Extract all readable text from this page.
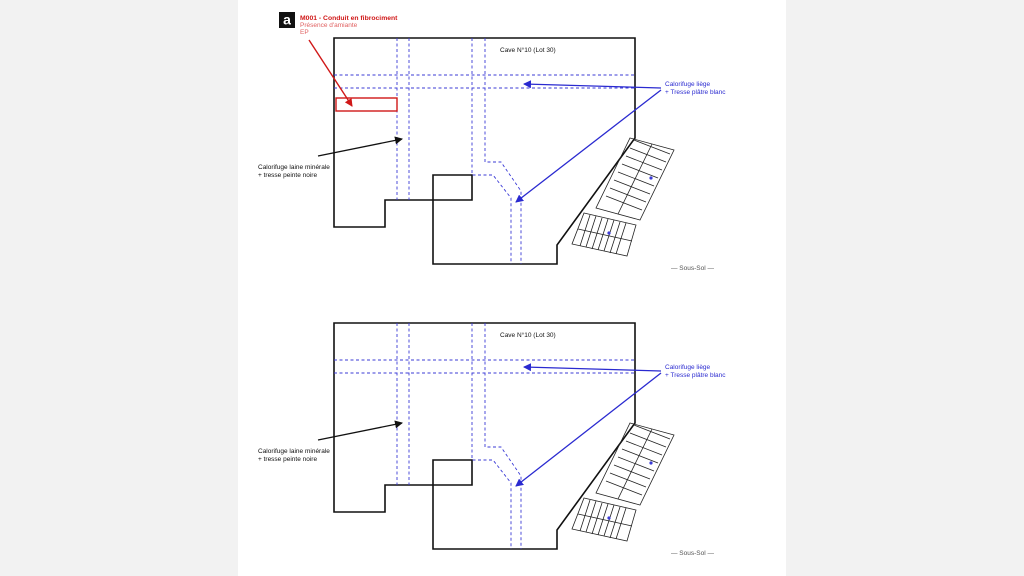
a M001 - Conduit en fibrociment
Présence d'amiante
EP
Cave N°10 (Lot 30)
Calorifuge laine minérale
+ tresse peinte noire
Calorifuge liège
+ Tresse plâtre blanc
— Sous-Sol —
Cave N°10 (Lot 30)
Calorifuge laine minérale
+ tresse peinte noire
Calorifuge liège
+ Tresse plâtre blanc
— Sous-Sol —
